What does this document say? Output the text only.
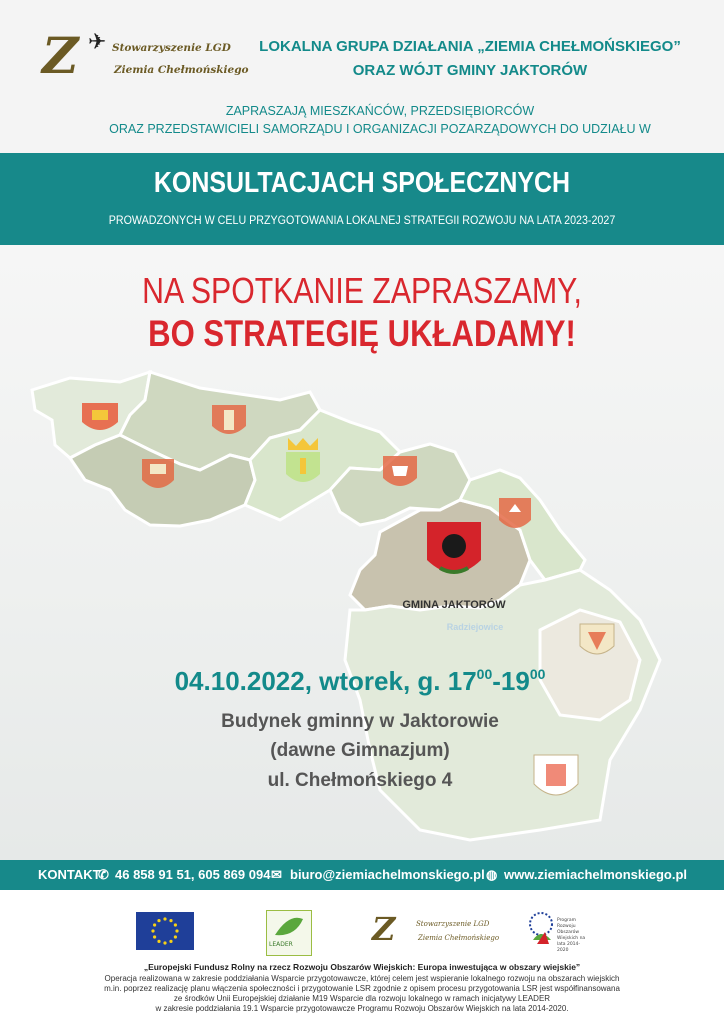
Z ✈ Stowarzyszenie LGD
Ziemia Chełmońskiego
LOKALNA GRUPA DZIAŁANIA „ZIEMIA CHEŁMOŃSKIEGO”
ORAZ WÓJT GMINY JAKTORÓW
ZAPRASZAJĄ MIESZKAŃCÓW, PRZEDSIĘBIORCÓW
ORAZ PRZEDSTAWICIELI SAMORZĄDU I ORGANIZACJI POZARZĄDOWYCH DO UDZIAŁU W
KONSULTACJACH SPOŁECZNYCH
PROWADZONYCH W CELU PRZYGOTOWANIA LOKALNEJ STRATEGII ROZWOJU NA LATA 2023-2027
NA SPOTKANIE ZAPRASZAMY,
BO STRATEGIĘ UKŁADAMY!
GMINA JAKTORÓW
Radziejowice
04.10.2022, wtorek, g. $17^{00}-19^{00}$
Budynek gminny w Jaktorowie
(dawne Gimnazjum)
ul. Chełmońskiego 4
KONTAKT
✆ 46 858 91 51, 605 869 094 ✉ biuro@ziemiachelmonskiego.pl ◍ www.ziemiachelmonskiego.pl
LEADER Z	Stowarzyszenie LGD
Ziemia Chełmońskiego
Program Rozwoju Obszarów Wiejskich na lata 2014-2020
„Europejski Fundusz Rolny na rzecz Rozwoju Obszarów Wiejskich: Europa inwestująca w obszary wiejskie”
Operacja realizowana w zakresie poddziałania Wsparcie przygotowawcze, której celem jest wspieranie lokalnego rozwoju na obszarach wiejskich
m.in. poprzez realizację planu włączenia społeczności i przygotowanie LSR zgodnie z opisem procesu przygotowania LSR jest współfinansowana
ze środków Unii Europejskiej działanie M19 Wsparcie dla rozwoju lokalnego w ramach inicjatywy LEADER
w zakresie poddziałania 19.1 Wsparcie przygotowawcze Programu Rozwoju Obszarów Wiejskich na lata 2014-2020.
